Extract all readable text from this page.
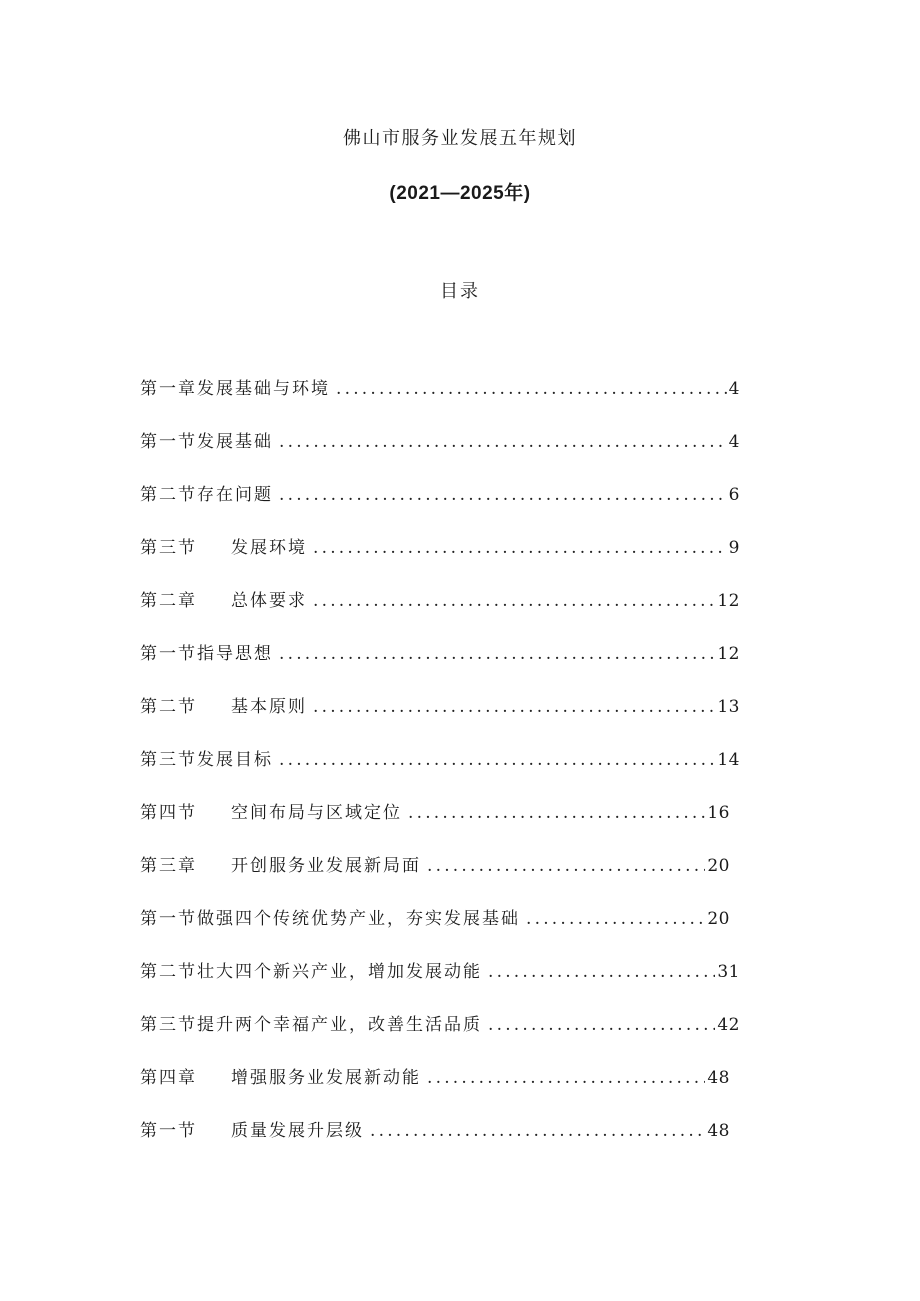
佛山市服务业发展五年规划
(2021—2025年)
目录
第一章发展基础与环境 .....	4
第一节发展基础 .....	4
第二节存在问题 .....	6
第三节 发展环境 .....	9
第二章 总体要求 .....	12
第一节指导思想 .....	12
第二节 基本原则 .....	13
第三节发展目标 .....	14
第四节 空间布局与区域定位 .....	16
第三章 开创服务业发展新局面 .....	20
第一节做强四个传统优势产业，夯实发展基础 .....	20
第二节壮大四个新兴产业，增加发展动能 .....	31
第三节提升两个幸福产业，改善生活品质 .....	42
第四章 增强服务业发展新动能 .....	48
第一节 质量发展升层级 .....	48
